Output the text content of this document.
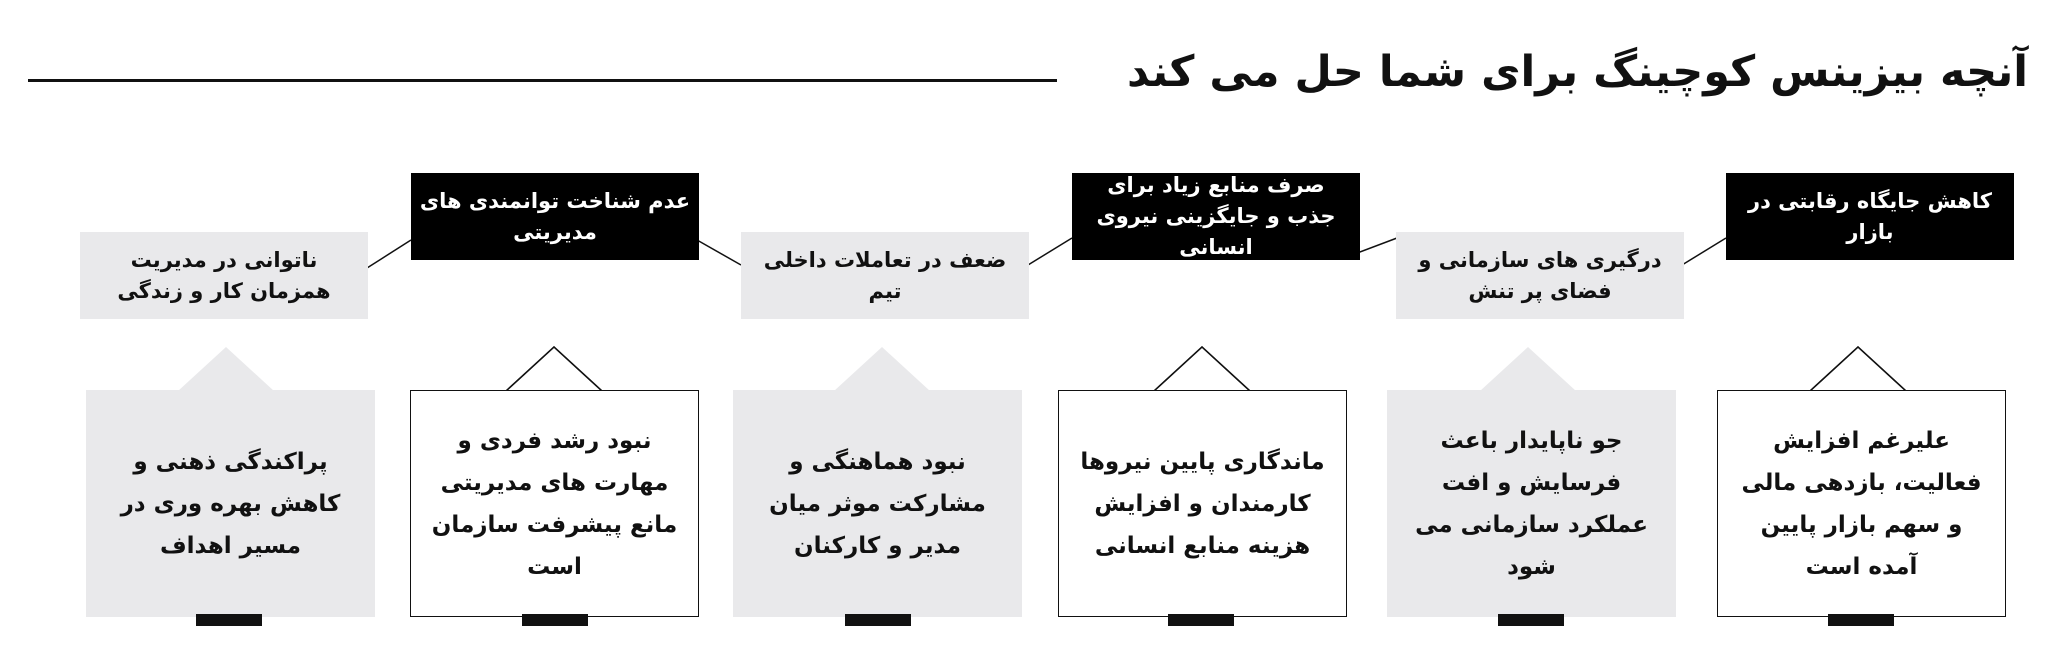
آنچه بیزینس کوچینگ برای شما حل می کند
کاهش جایگاه رقابتی در بازار
علیرغم افزایش فعالیت، بازدهی مالی و سهم بازار پایین آمده است
درگیری های سازمانی و فضای پر تنش
جو ناپایدار باعث فرسایش و افت عملکرد سازمانی می شود
صرف منابع زیاد برای جذب و جایگزینی نیروی انسانی
ماندگاری پایین نیروها کارمندان و افزایش هزینه منابع انسانی
ضعف در تعاملات داخلی تیم
نبود هماهنگی و مشارکت موثر میان مدیر و کارکنان
عدم شناخت توانمندی های مدیریتی
نبود رشد فردی و مهارت های مدیریتی مانع پیشرفت سازمان است
ناتوانی در مدیریت همزمان کار و زندگی
پراکندگی ذهنی و کاهش بهره وری در مسیر اهداف
